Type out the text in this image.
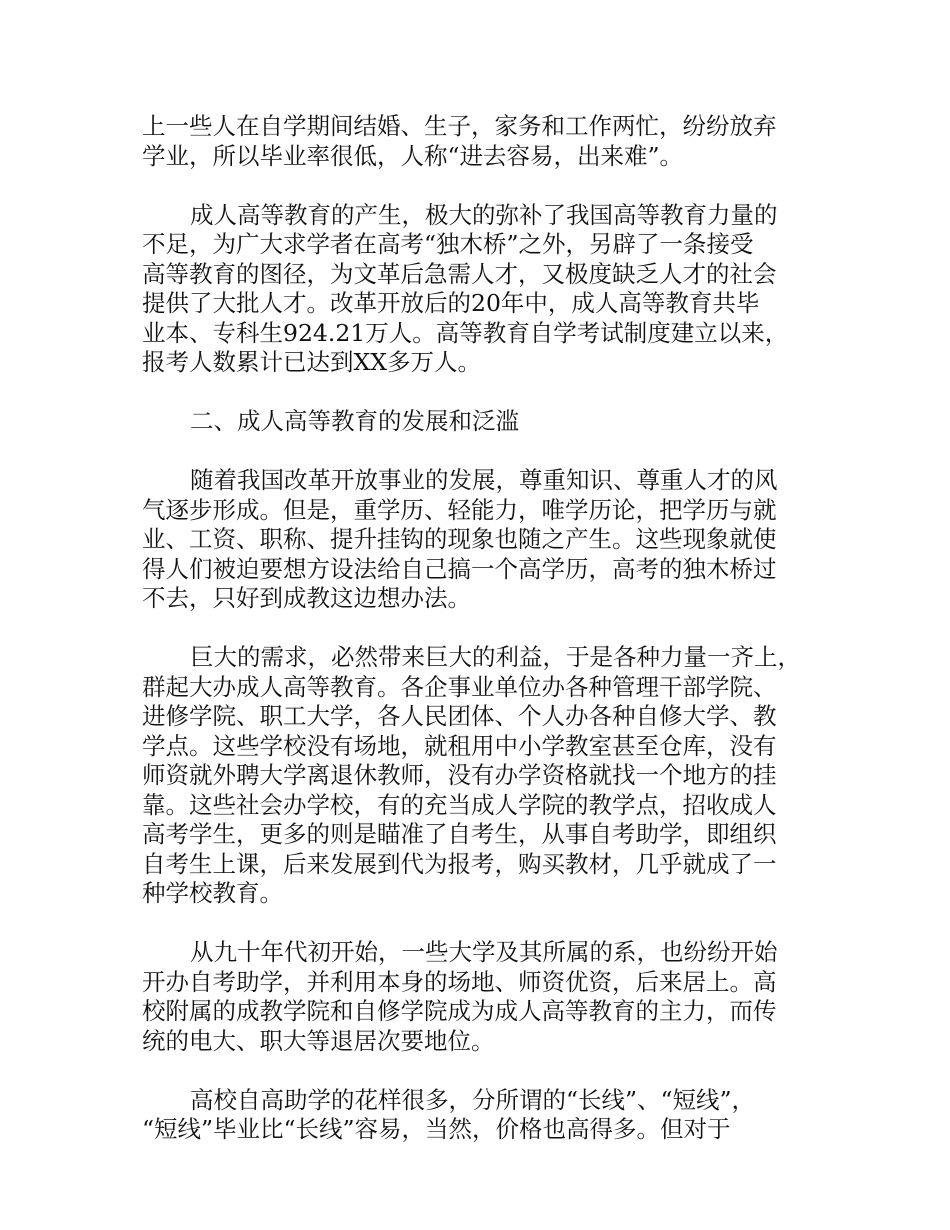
上一些人在自学期间结婚、生子，家务和工作两忙，纷纷放弃
学业，所以毕业率很低，人称“进去容易，出来难”。
成人高等教育的产生，极大的弥补了我国高等教育力量的
不足，为广大求学者在高考“独木桥”之外，另辟了一条接受
高等教育的图径，为文革后急需人才，又极度缺乏人才的社会
提供了大批人才。改革开放后的20年中，成人高等教育共毕
业本、专科生924.21万人。高等教育自学考试制度建立以来，
报考人数累计已达到XX多万人。
二、成人高等教育的发展和泛滥
随着我国改革开放事业的发展，尊重知识、尊重人才的风
气逐步形成。但是，重学历、轻能力，唯学历论，把学历与就
业、工资、职称、提升挂钩的现象也随之产生。这些现象就使
得人们被迫要想方设法给自己搞一个高学历，高考的独木桥过
不去，只好到成教这边想办法。
巨大的需求，必然带来巨大的利益，于是各种力量一齐上，
群起大办成人高等教育。各企事业单位办各种管理干部学院、
进修学院、职工大学，各人民团体、个人办各种自修大学、教
学点。这些学校没有场地，就租用中小学教室甚至仓库，没有
师资就外聘大学离退休教师，没有办学资格就找一个地方的挂
靠。这些社会办学校，有的充当成人学院的教学点，招收成人
高考学生，更多的则是瞄准了自考生，从事自考助学，即组织
自考生上课，后来发展到代为报考，购买教材，几乎就成了一
种学校教育。
从九十年代初开始，一些大学及其所属的系，也纷纷开始
开办自考助学，并利用本身的场地、师资优资，后来居上。高
校附属的成教学院和自修学院成为成人高等教育的主力，而传
统的电大、职大等退居次要地位。
高校自高助学的花样很多，分所谓的“长线”、“短线”，
“短线”毕业比“长线”容易，当然，价格也高得多。但对于
